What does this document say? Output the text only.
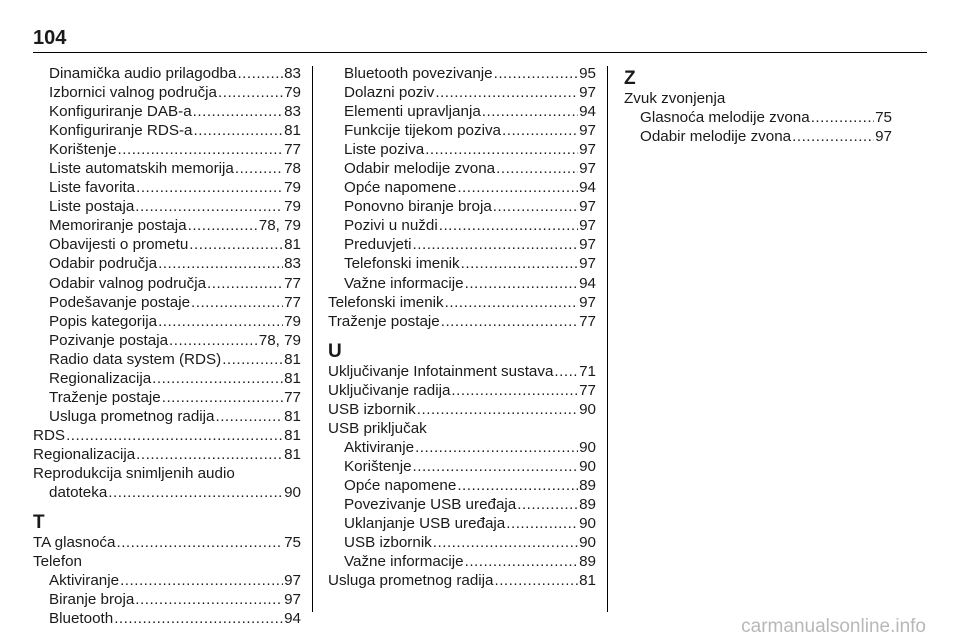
104
Dinamička audio prilagodba .....	83
Izbornici valnog područja .....	79
Konfiguriranje DAB-a .....	83
Konfiguriranje RDS-a .....	81
Korištenje .....	77
Liste automatskih memorija .....	78
Liste favorita .....	79
Liste postaja .....	79
Memoriranje postaja .....	78, 79
Obavijesti o prometu .....	81
Odabir područja .....	83
Odabir valnog područja .....	77
Podešavanje postaje .....	77
Popis kategorija .....	79
Pozivanje postaja .....	78, 79
Radio data system (RDS) .....	81
Regionalizacija .....	81
Traženje postaje .....	77
Usluga prometnog radija .....	81
RDS .....	81
Regionalizacija .....	81
Reprodukcija snimljenih audio
datoteka .....	90
T
TA glasnoća .....	75
Telefon
Aktiviranje .....	97
Biranje broja .....	97
Bluetooth .....	94
Bluetooth povezivanje .....	95
Dolazni poziv .....	97
Elementi upravljanja .....	94
Funkcije tijekom poziva .....	97
Liste poziva .....	97
Odabir melodije zvona .....	97
Opće napomene .....	94
Ponovno biranje broja .....	97
Pozivi u nuždi .....	97
Preduvjeti .....	97
Telefonski imenik .....	97
Važne informacije .....	94
Telefonski imenik .....	97
Traženje postaje .....	77
U
Uključivanje Infotainment sustava ..... 71
Uključivanje radija .....	77
USB izbornik .....	90
USB priključak
Aktiviranje .....	90
Korištenje .....	90
Opće napomene .....	89
Povezivanje USB uređaja .....	89
Uklanjanje USB uređaja .....	90
USB izbornik .....	90
Važne informacije .....	89
Usluga prometnog radija .....	81
Z
Zvuk zvonjenja
Glasnoća melodije zvona .....	75
Odabir melodije zvona .....	97
carmanualsonline.info
